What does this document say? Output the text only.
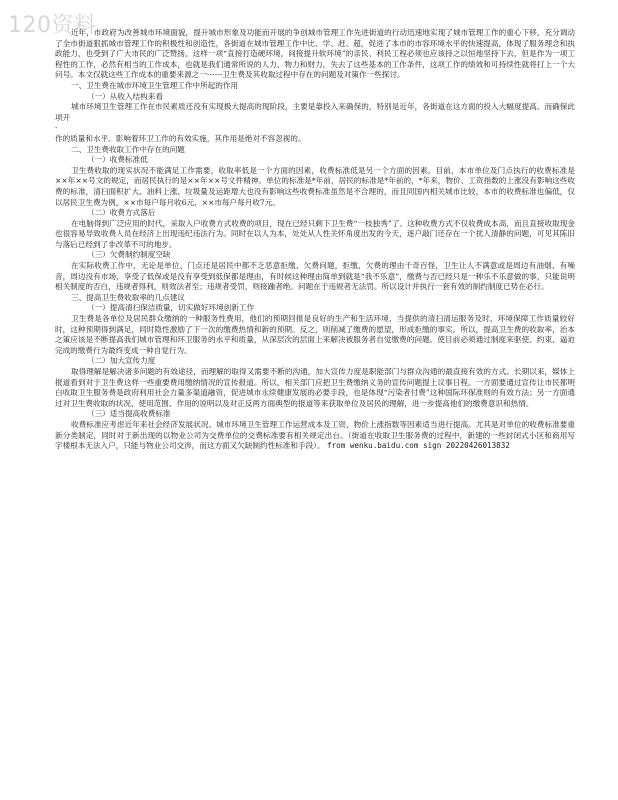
120资料

近年，市政府为改善城市环境面貌，提升城市形象及功能而开展的争创城市管理工作先进街道的行动迅速地实现了城市管理工作的重心下移，充分调动了全市街道狠抓城市管理工作的积极性和创造性，各街道在城市管理工作中比、学、赶、超，促进了本市的市容环境水平的快速提高，体现了服务理念和执政能力，也受到了广大市民的广泛赞扬。这样一项“直接打造硬环境，间接提升软环境”的亲民、利民工程必须也应该持之以恒地坚持下去，但是作为一项工程性的工作，必然有相当的工作成本，也就是我们通常所说的人力、物力和财力，失去了这些基本的工作条件，这项工作的绩效和可持续性就将打上一个大问号。本文仅就这些工作成本的重要来源之一------卫生费及其收取过程中存在的问题及对策作一些探讨。

一、卫生费在城市环境卫生管理工作中所起的作用

（一）从收入结构来看

城市环境卫生管理工作在市民素质还没有实现极大提高的现阶段，主要是靠投入来确保的，特别是近年，各街道在这方面的投入大幅度提高。而确保此项开

-

作的质量和水平。影响着环卫工作的有效实施，其作用是绝对不容忽视的。

二、卫生费收取工作中存在的问题

（一）收费标准低

卫生费收取的现实状况不能满足工作需要，收取率低是一个方面的因素，收费标准低是另一个方面的因素。目前，本市单位及门点执行的收费标准是××年××号文的规定，而居民执行的是××年××号文件精神。单位的标准是*年前，居民的标准是*年前的，*年来，物价、工资指数的上涨没有影响这些收费的标准，清扫面积扩大、油料上涨、垃圾量及运距增大也没有影响这些收费标准虽然是不合理的，而且同国内相关城市比较，本市的收费标准也偏低，仅以居民卫生费为例，××市每户每月收6元，××市每户每月收7元。

（二）收费方式落后

在电脑得到广泛应用的时代，采取入户收费方式收费的项目，现在已经只剩下卫生费“一枝独秀”了。这种收费方式不仅收费成本高，而且直接收取现金也很容易导致收费人员在经济上出现违纪违法行为。同时在以人为本，处处从人性关怀角度出发的今天，逐户敲门还存在一个扰人清静的问题，可见其陈旧与落后已经到了非改革不可的地步。

（三）欠费制约制度空缺

在实际收费工作中，无论是单位、门点还是居民中都不乏恶意拒缴、欠费问题，拒缴、欠费的理由千奇百怪，卫生让人不满意或是周边有油烟、有噪音，周边没有市场，享受了低保或是没有享受到低保都是理由，有时候这种理由简单到就是“我不乐意”，缴费与否已经只是一种乐不乐意做的事，只能说明相关制度的否白，违规者得利，则效法者至；违规者受罚，则接踵者绝。问题在于违规者无法罚。所以设计并执行一套有效的制约制度已势在必行。

三、提高卫生费收取率的几点建议

（一）提高清扫保洁质量，切实做好环境创新工作

卫生费是各单位及居民群众缴纳的一种服务性费用，他们的预期回报是良好的生产和生活环境，当提供的清扫清运服务及时，环境保障工作质量较好时，这种预期得到满足，同时隐性激励了下一次的缴费热情和新的预期。反之，则削减了缴费的愿望，形成拒缴的事实。所以，提高卫生费的收取率，治本之策应该是不断提高我们城市管理和环卫服务的水平和质量，从深层次的层面上来解决被服务者自觉缴费的问题。使目前必须通过制度来驱使、约束、逼迫完成的缴费行为最终变成一种自觉行为。

（二）加大宣传力度

取得理解是解决诸多问题的有效途径，而理解的取得又需要不断的沟通，加大宣传力度是职能部门与群众沟通的最直接有效的方式。长期以来，媒体上报道看到对于卫生费这样一些重要费用缴纳情况的宣传报道。所以，相关部门应把卫生费缴纳义务的宣传问题提上议事日程。一方面要通过宣传让市民都明白收取卫生服务费是政府利用社会力量多渠道融资，促进城市永续健康发展的必要手段，也是体现“污染者付费”这种国际环保准则的有效方法；另一方面通过对卫生费收取的状况、使用范围、作用的说明以及对正反两方面典型的报道等来获取单位及居民的理解，进一步提高他们的缴费意识和热情。

（三）适当提高收费标准

收费标准应考虑近年来社会经济发展状况、城市环境卫生管理工作运营成本及工资、物价上涨指数等因素适当进行提高。尤其是对单位的收费标准要重新分类制定，同时对于新出现的以物业公司为交费单位的交费标准要有相关规定出台。（街道在收取卫生服务费的过程中，新建的一些封闭式小区和商用写字楼根本无法入户，只能与物业公司交涉，而这方面又欠缺制约性标准和手段）。 from wenku.baidu.com sign 20220426013832
